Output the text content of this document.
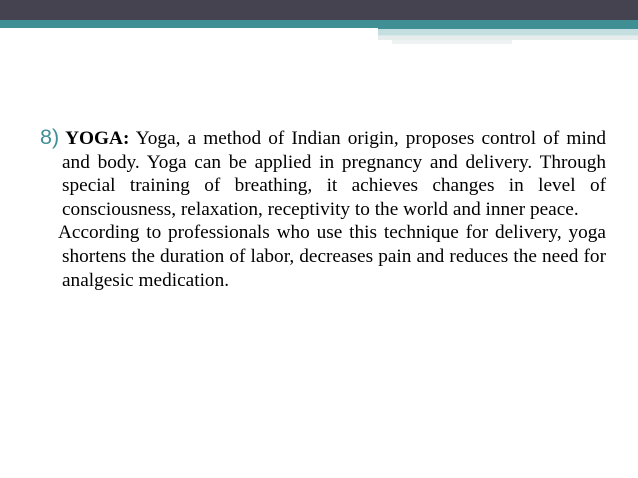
8) YOGA: Yoga, a method of Indian origin, proposes control of mind and body. Yoga can be applied in pregnancy and delivery. Through special training of breathing, it achieves changes in level of consciousness, relaxation, receptivity to the world and inner peace.

According to professionals who use this technique for delivery, yoga shortens the duration of labor, decreases pain and reduces the need for analgesic medication.
